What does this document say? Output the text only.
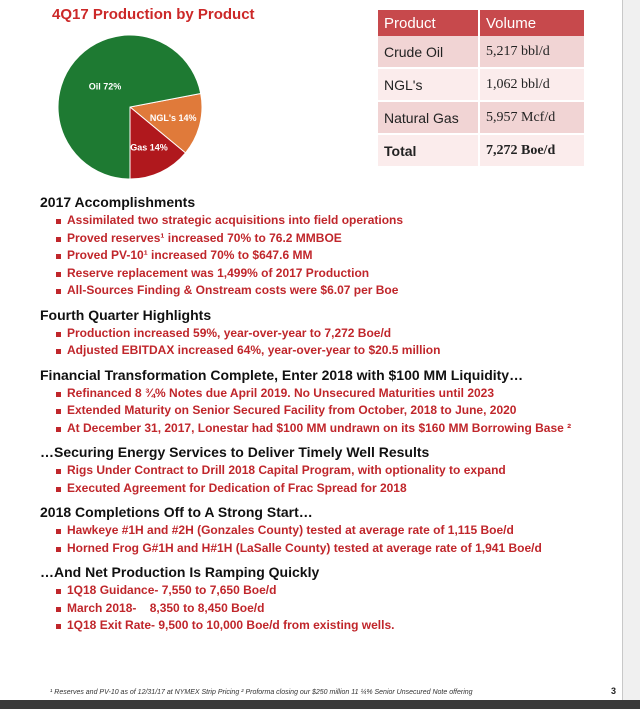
4Q17 Production by Product
NGL's 14%
Gas 14%
Oil 72%
Product	Volume
Crude Oil	5,217 bbl/d
NGL's	1,062 bbl/d
Natural Gas	5,957 Mcf/d
Total	7,272 Boe/d
2017 Accomplishments
Assimilated two strategic acquisitions into field operations
Proved reserves¹ increased 70% to 76.2 MMBOE
Proved PV-10¹ increased 70% to $647.6 MM
Reserve replacement was 1,499% of 2017 Production
All-Sources Finding & Onstream costs were $6.07 per Boe
Fourth Quarter Highlights
Production increased 59%, year-over-year to 7,272 Boe/d
Adjusted EBITDAX increased 64%, year-over-year to $20.5 million
Financial Transformation Complete, Enter 2018 with $100 MM Liquidity…
Refinanced 8 ¾% Notes due April 2019. No Unsecured Maturities until 2023
Extended Maturity on Senior Secured Facility from October, 2018 to June, 2020
At December 31, 2017, Lonestar had $100 MM undrawn on its $160 MM Borrowing Base ²
…Securing Energy Services to Deliver Timely Well Results
Rigs Under Contract to Drill 2018 Capital Program, with optionality to expand
Executed Agreement for Dedication of Frac Spread for 2018
2018 Completions Off to A Strong Start…
Hawkeye #1H and #2H (Gonzales County) tested at average rate of 1,115 Boe/d
Horned Frog G#1H and H#1H (LaSalle County) tested at average rate of 1,941 Boe/d
…And Net Production Is Ramping Quickly
1Q18 Guidance- 7,550 to 7,650 Boe/d
March 2018-    8,350 to 8,450 Boe/d
1Q18 Exit Rate- 9,500 to 10,000 Boe/d from existing wells.
¹ Reserves and PV-10 as of 12/31/17 at NYMEX Strip Pricing ² Proforma closing our $250 million 11 ¼% Senior Unsecured Note offering	3
